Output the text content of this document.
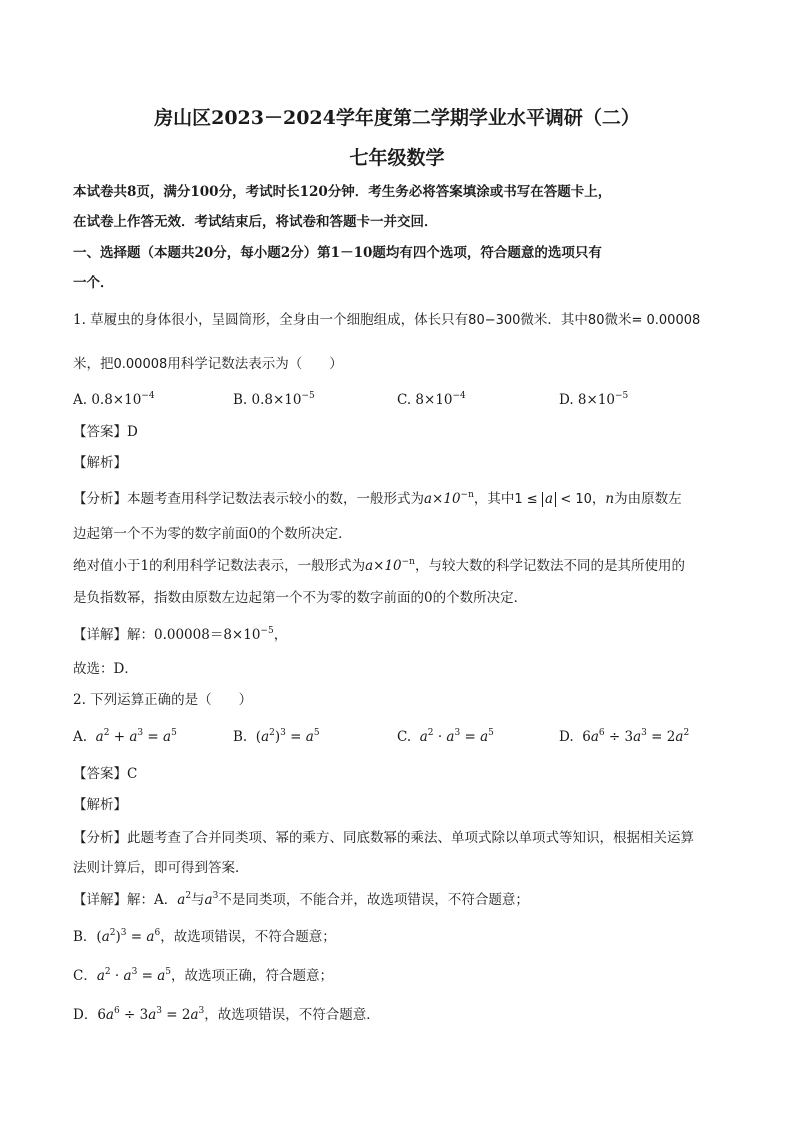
房山区2023－2024学年度第二学期学业水平调研（二）
七年级数学
本试卷共8页，满分100分，考试时长120分钟．考生务必将答案填涂或书写在答题卡上，
在试卷上作答无效．考试结束后，将试卷和答题卡一并交回．
一、选择题（本题共20分，每小题2分）第1－10题均有四个选项，符合题意的选项只有
一个．
1. 草履虫的身体很小，呈圆筒形，全身由一个细胞组成，体长只有80−300微米．其中80微米= 0.00008
米，把0.00008用科学记数法表示为（　　）
A. $0.8\times 10^{-4}$	B. $0.8\times 10^{-5}$	C. $8\times 10^{-4}$	D. $8\times 10^{-5}$
【答案】D
【解析】
【分析】本题考查用科学记数法表示较小的数，一般形式为$a\times 10^{-n}$，其中1 ≤ a < 10，n为由原数左
边起第一个不为零的数字前面0的个数所决定．
绝对值小于1的利用科学记数法表示，一般形式为$a\times 10^{-n}$，与较大数的科学记数法不同的是其所使用的
是负指数幂，指数由原数左边起第一个不为零的数字前面的0的个数所决定．
【详解】解：$0.00008=8\times 10^{-5}$，
故选：D．
2. 下列运算正确的是（　　）
A. $a^2 + a^3 = a^5$	B.  $(a^2)^3 = a^5$	C. $a^2 \cdot a^3 = a^5$	D.  $6a^6 \div 3a^3 = 2a^2$
【答案】C
【解析】
【分析】此题考查了合并同类项、幂的乘方、同底数幂的乘法、单项式除以单项式等知识，根据相关运算
法则计算后，即可得到答案．
【详解】解：A．$a^2$与$a^3$不是同类项，不能合并，故选项错误，不符合题意；
B．$(a^2)^3 = a^6$，故选项错误，不符合题意；
C．$a^2 \cdot a^3 = a^5$，故选项正确，符合题意；
D．$6a^6 \div 3a^3 = 2a^3$，故选项错误，不符合题意．
